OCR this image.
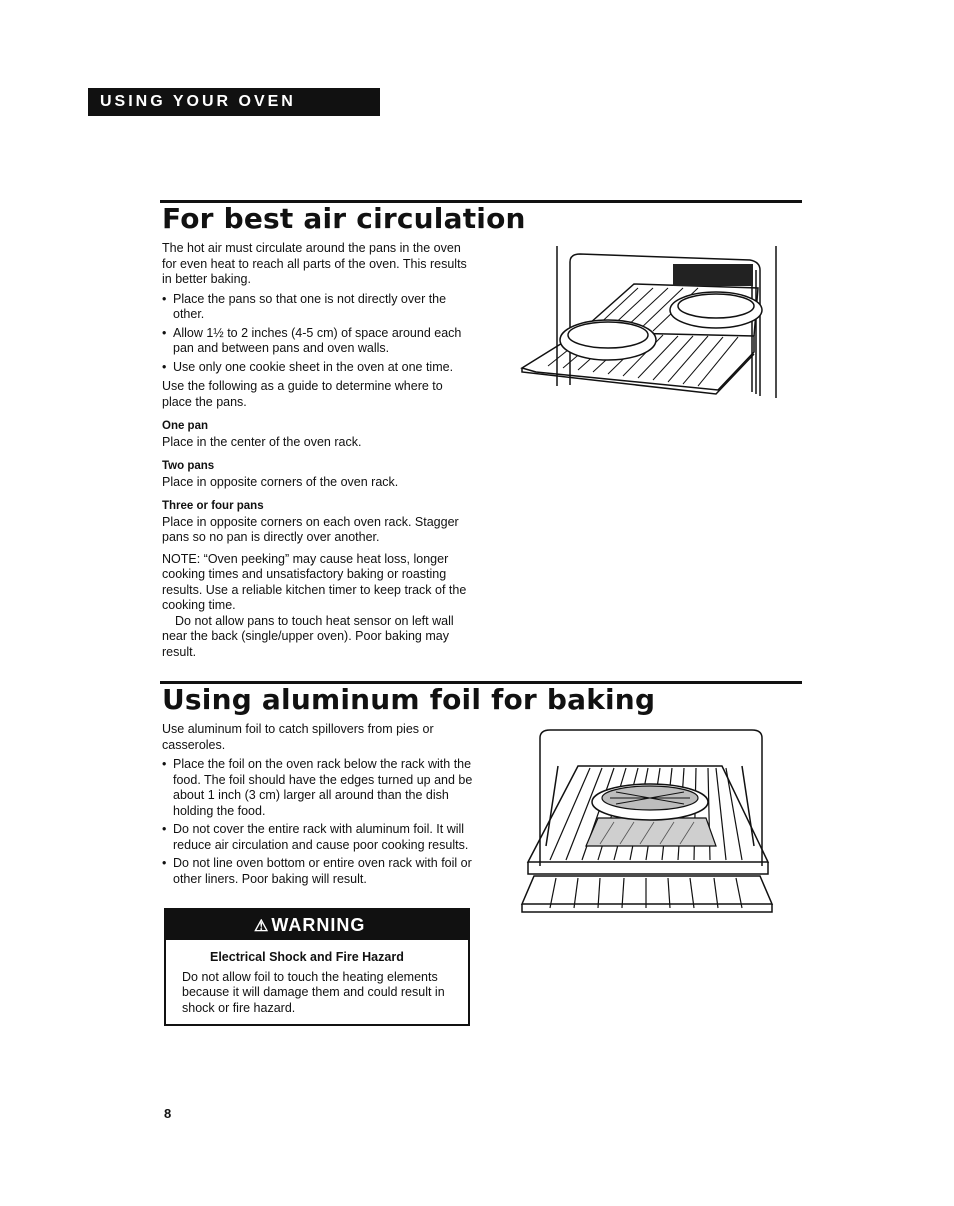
USING YOUR OVEN
For best air circulation

The hot air must circulate around the pans in the oven for even heat to reach all parts of the oven. This results in better baking.

• Place the pans so that one is not directly over the other.
• Allow 1½ to 2 inches (4-5 cm) of space around each pan and between pans and oven walls.
• Use only one cookie sheet in the oven at one time.

Use the following as a guide to determine where to place the pans.

One pan

Place in the center of the oven rack.

Two pans

Place in opposite corners of the oven rack.

Three or four pans

Place in opposite corners on each oven rack. Stagger pans so no pan is directly over another.

NOTE: “Oven peeking” may cause heat loss, longer cooking times and unsatisfactory baking or roasting results. Use a reliable kitchen timer to keep track of the cooking time.

Do not allow pans to touch heat sensor on left wall near the back (single/upper oven). Poor baking may result.

Using aluminum foil for baking

Use aluminum foil to catch spillovers from pies or casseroles.

• Place the foil on the oven rack below the rack with the food. The foil should have the edges turned up and be about 1 inch (3 cm) larger all around than the dish holding the food.
• Do not cover the entire rack with aluminum foil. It will reduce air circulation and cause poor cooking results.
• Do not line oven bottom or entire oven rack with foil or other liners. Poor baking will result.
⚠ WARNING

Electrical Shock and Fire Hazard

Do not allow foil to touch the heating elements because it will damage them and could result in shock or fire hazard.

8
